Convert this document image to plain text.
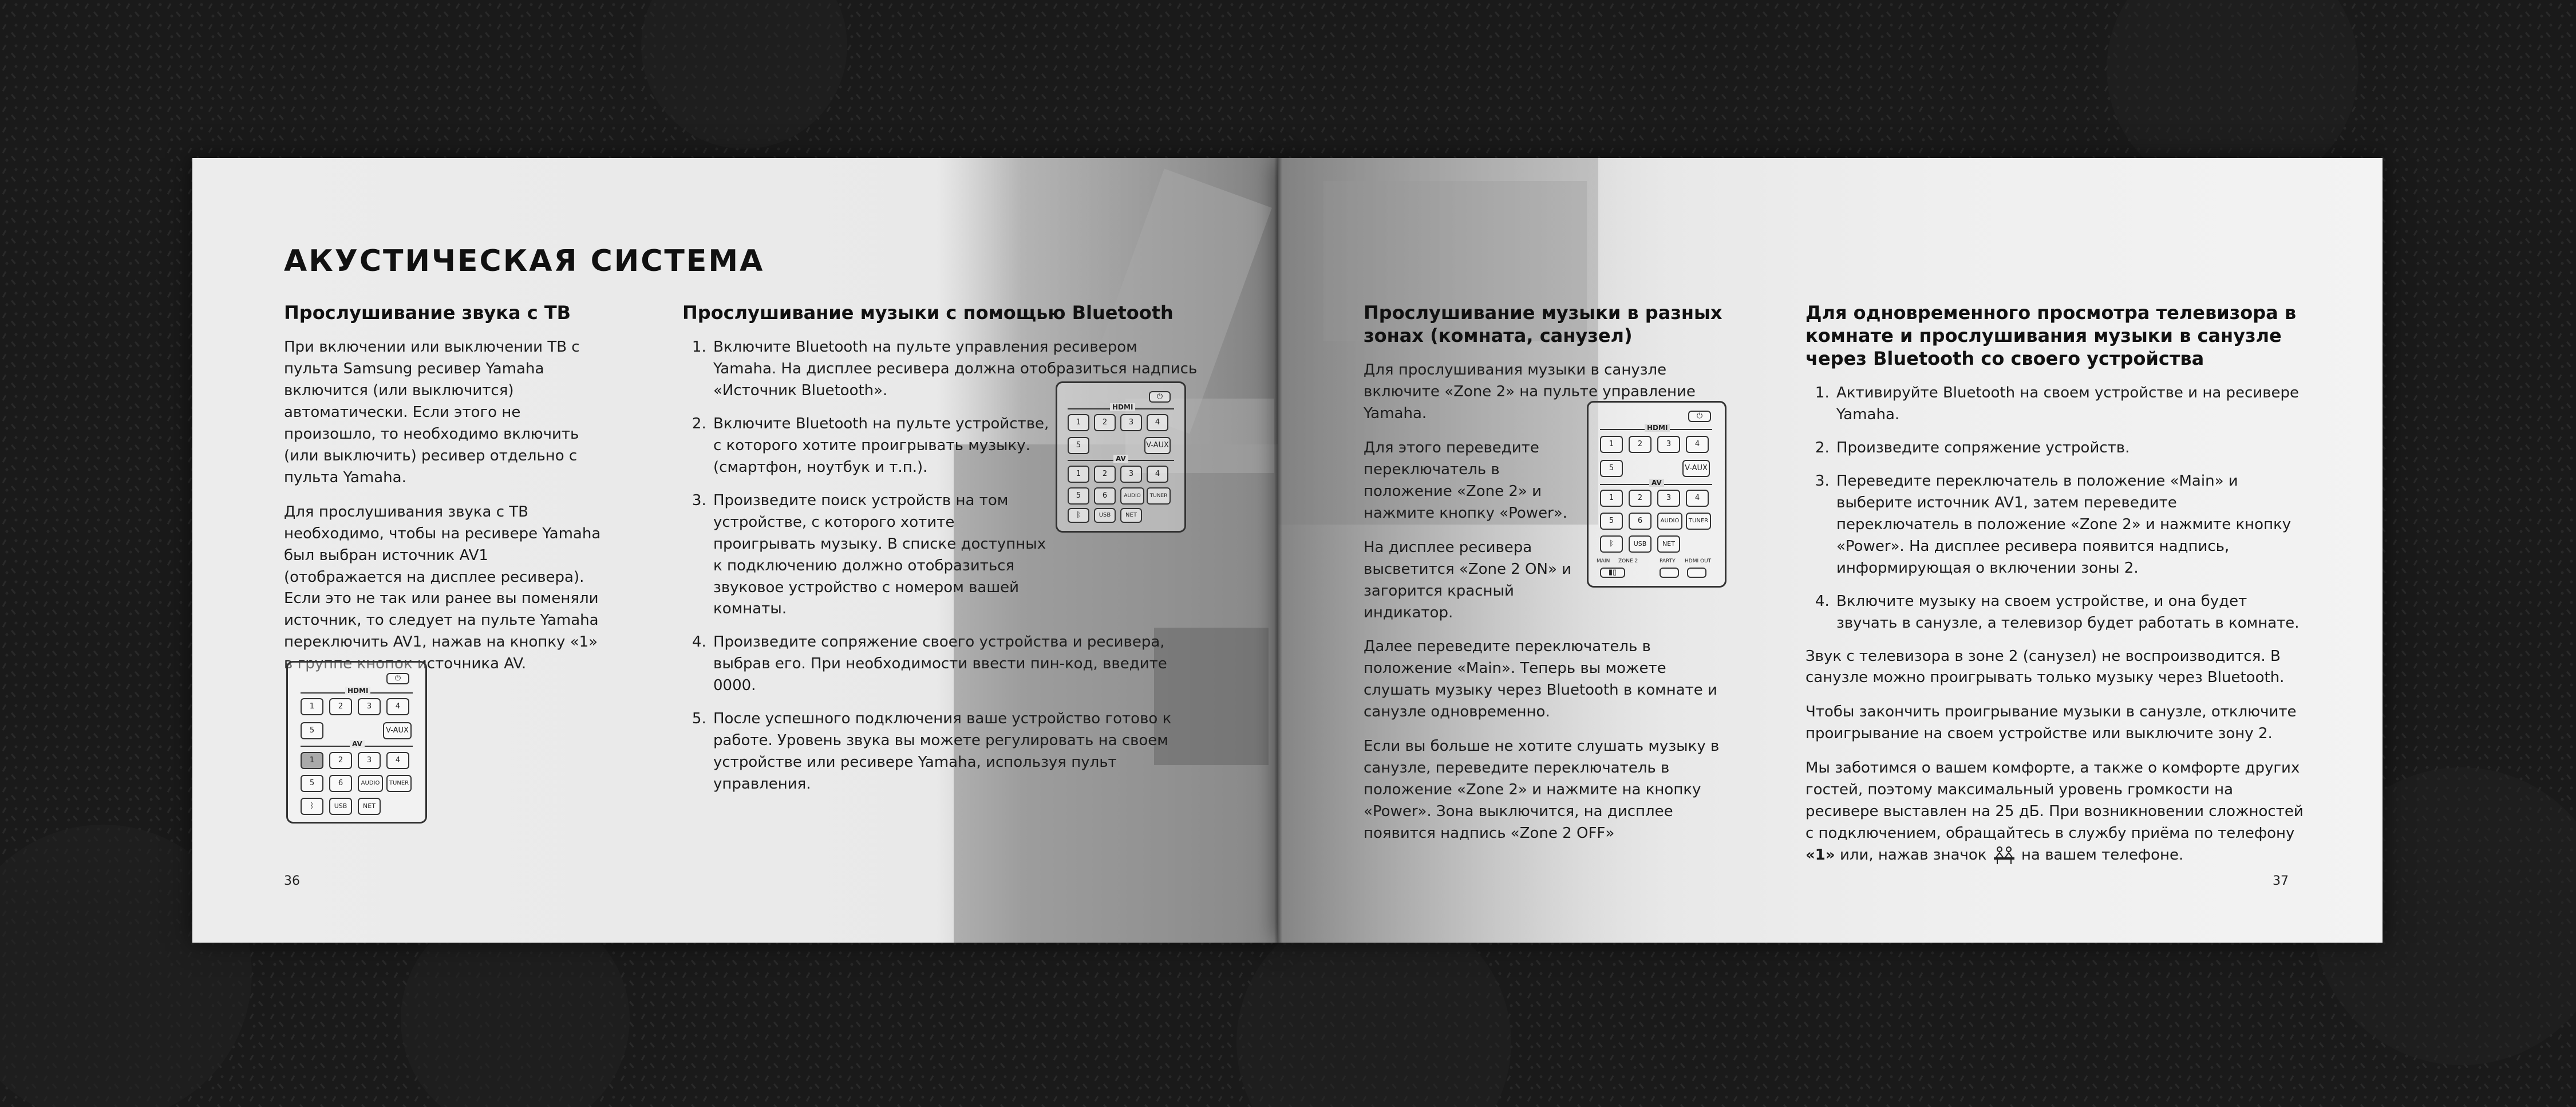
АКУСТИЧЕСКАЯ СИСТЕМА
Прослушивание звука с ТВ

При включении или выключении ТВ с пульта Samsung ресивер Yamaha включится (или выключится) автоматически. Если этого не произошло, то необходимо включить (или выключить) ресивер отдельно с пульта Yamaha.

Для прослушивания звука с ТВ необходимо, чтобы на ресивере Yamaha был выбран источник AV1 (отображается на дисплее ресивера). Если это не так или ранее вы поменяли источник, то следует на пульте Yamaha переключить AV1, нажав на кнопку «1» в группе кнопок источника AV.

⏻
HDMI
1	2	3	4
5	V-AUX
AV
1	2	3	4
5	6	AUDIO	TUNER
ᛒ	USB	NET
Прослушивание музыки с помощью Bluetooth
1. Включите Bluetooth на пульте управления ресивером Yamaha. На дисплее ресивера должна отобразиться надпись «Источник Bluetooth».
2. Включите Bluetooth на пульте устройстве, с которого хотите проигрывать музыку. (смартфон, ноутбук и т.п.).
3. Произведите поиск устройств на том устройстве, с которого хотите проигрывать музыку. В списке доступных к подключению должно отобразиться звуковое устройство с номером вашей комнаты.
4. Произведите сопряжение своего устройства и ресивера, выбрав его. При необходимости ввести пин-код, введите 0000.
5. После успешного подключения ваше устройство готово к работе. Уровень звука вы можете регулировать на своем устройстве или ресивере Yamaha, используя пульт управления.
⏻
HDMI
1	2	3	4
5	V-AUX
AV
1	2	3	4
5	6	AUDIO	TUNER
ᛒ	USB	NET
36
Прослушивание музыки в разных зонах (комната, санузел)

Для прослушивания музыки в санузле включите «Zone 2» на пульте управление Yamaha.

Для этого переведите переключатель в положение «Zone 2» и нажмите кнопку «Power».

На дисплее ресивера высветится «Zone 2 ON» и загорится красный индикатор.

Далее переведите переключатель в положение «Main». Теперь вы можете слушать музыку через Bluetooth в комнате и санузле одновременно.

Если вы больше не хотите слушать музыку в санузле, переведите переключатель в положение «Zone 2» и нажмите на кнопку «Power». Зона выключится, на дисплее появится надпись «Zone 2 OFF»

⏻
HDMI
1	2	3	4
5	V-AUX
AV
1	2	3	4
5	6	AUDIO	TUNER
ᛒ	USB	NET
MAIN ZONE 2	PARTY HDMI OUT
▮▯
Для одновременного просмотра телевизора в комнате и прослушивания музыки в санузле через Bluetooth со своего устройства
1. Активируйте Bluetooth на своем устройстве и на ресивере Yamaha.
2. Произведите сопряжение устройств.
3. Переведите переключатель в положение «Main» и выберите источник AV1, затем переведите переключатель в положение «Zone 2» и нажмите кнопку «Power». На дисплее ресивера появится надпись, информирующая о включении зоны 2.
4. Включите музыку на своем устройстве, и она будет звучать в санузле, а телевизор будет работать в комнате.

Звук с телевизора в зоне 2 (санузел) не воспроизводится. В санузле можно проигрывать только музыку через Bluetooth.

Чтобы закончить проигрывание музыки в санузле, отключите проигрывание на своем устройстве или выключите зону 2.

Мы заботимся о вашем комфорте, а также о комфорте других гостей, поэтому максимальный уровень громкости на ресивере выставлен на 25 дБ. При возникновении сложностей с подключением, обращайтесь в службу приёма по телефону «1» или, нажав значок  на вашем телефоне.

37
